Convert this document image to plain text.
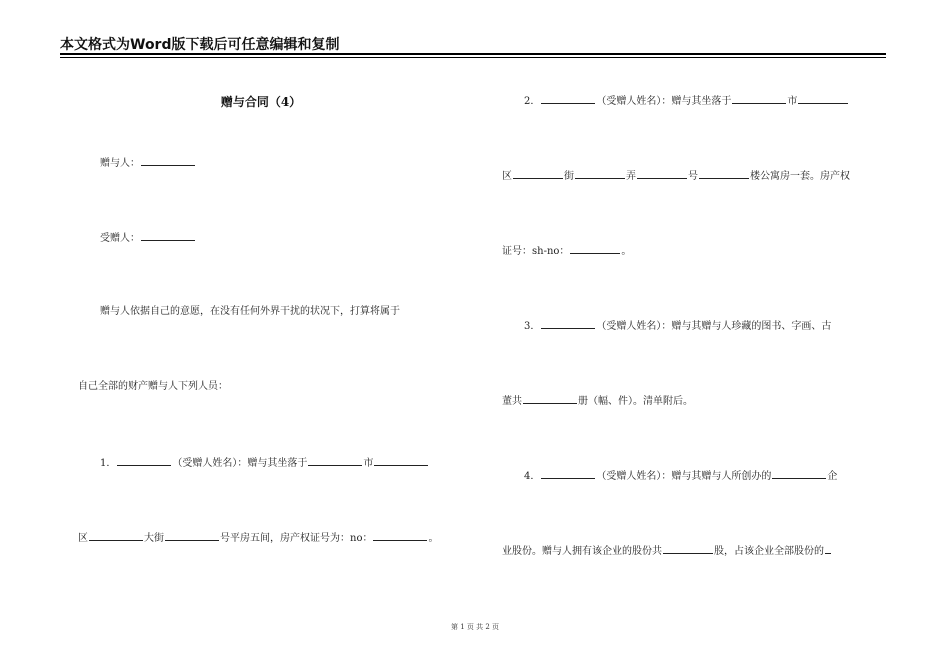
本文格式为Word版下载后可任意编辑和复制
赠与合同（4）
赠与人：
受赠人：
赠与人依据自己的意愿，在没有任何外界干扰的状况下，打算将属于
自己全部的财产赠与人下列人员：
1．	（受赠人姓名）：赠与其坐落于	市
区	大街	号平房五间，房产权证号为：no：	。
2．	（受赠人姓名）：赠与其坐落于	市
区	街	弄	号	楼公寓房一套。房产权
证号：sh-no：	。
3．	（受赠人姓名）：赠与其赠与人珍藏的图书、字画、古
董共	册（幅、件）。清单附后。
4．	（受赠人姓名）：赠与其赠与人所创办的	企
业股份。赠与人拥有该企业的股份共	股，占该企业全部股份的
第 1 页 共 2 页
